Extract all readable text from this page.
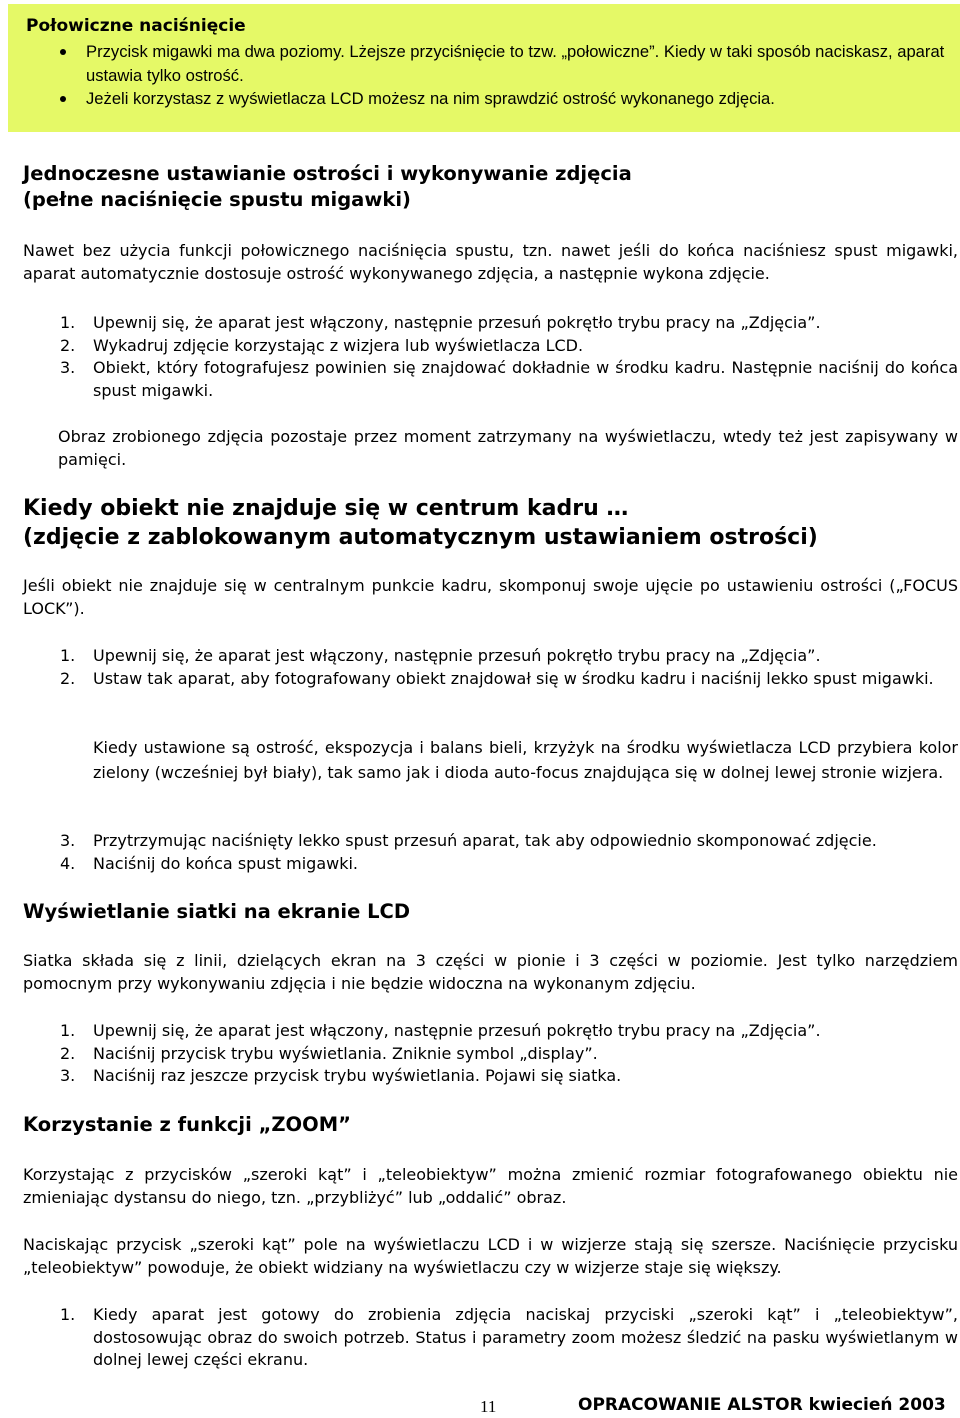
Połowiczne naciśnięcie
Przycisk migawki ma dwa poziomy. Lżejsze przyciśnięcie to tzw. „połowiczne”. Kiedy w taki sposób naciskasz, aparat ustawia tylko ostrość.
Jeżeli korzystasz z wyświetlacza LCD możesz na nim sprawdzić ostrość wykonanego zdjęcia.
Jednoczesne ustawianie ostrości i wykonywanie zdjęcia
(pełne naciśnięcie spustu migawki)

Nawet bez użycia funkcji połowicznego naciśnięcia spustu, tzn. nawet jeśli do końca naciśniesz spust migawki, aparat automatycznie dostosuje ostrość wykonywanego zdjęcia, a następnie wykona zdjęcie.

1. Upewnij się, że aparat jest włączony, następnie przesuń pokrętło trybu pracy na „Zdjęcia”.
2. Wykadruj zdjęcie korzystając z wizjera lub wyświetlacza LCD.
3. Obiekt, który fotografujesz powinien się znajdować dokładnie w środku kadru. Następnie naciśnij do końca spust migawki.

Obraz zrobionego zdjęcia pozostaje przez moment zatrzymany na wyświetlaczu, wtedy też jest zapisywany w pamięci.

Kiedy obiekt nie znajduje się w centrum kadru …
(zdjęcie z zablokowanym automatycznym ustawianiem ostrości)

Jeśli obiekt nie znajduje się w centralnym punkcie kadru, skomponuj swoje ujęcie po ustawieniu ostrości („FOCUS LOCK”).

1. Upewnij się, że aparat jest włączony, następnie przesuń pokrętło trybu pracy na „Zdjęcia”.
2. Ustaw tak aparat, aby fotografowany obiekt znajdował się w środku kadru i naciśnij lekko spust migawki.

Kiedy ustawione są ostrość, ekspozycja i balans bieli, krzyżyk na środku wyświetlacza LCD przybiera kolor zielony (wcześniej był biały), tak samo jak i dioda auto-focus znajdująca się w dolnej lewej stronie wizjera.

3. Przytrzymując naciśnięty lekko spust przesuń aparat, tak aby odpowiednio skomponować zdjęcie.
4. Naciśnij do końca spust migawki.
Wyświetlanie siatki na ekranie LCD

Siatka składa się z linii, dzielących ekran na 3 części w pionie i 3 części w poziomie. Jest tylko narzędziem pomocnym przy wykonywaniu zdjęcia i nie będzie widoczna na wykonanym zdjęciu.

1. Upewnij się, że aparat jest włączony, następnie przesuń pokrętło trybu pracy na „Zdjęcia”.
2. Naciśnij przycisk trybu wyświetlania. Zniknie symbol „display”.
3. Naciśnij raz jeszcze przycisk trybu wyświetlania. Pojawi się siatka.
Korzystanie z funkcji „ZOOM”

Korzystając z przycisków „szeroki kąt” i „teleobiektyw” można zmienić rozmiar fotografowanego obiektu nie zmieniając dystansu do niego, tzn. „przybliżyć” lub „oddalić” obraz.

Naciskając przycisk „szeroki kąt” pole na wyświetlaczu LCD i w wizjerze stają się szersze. Naciśnięcie przycisku „teleobiektyw” powoduje, że obiekt widziany na wyświetlaczu czy w wizjerze staje się większy.

1. Kiedy aparat jest gotowy do zrobienia zdjęcia naciskaj przyciski „szeroki kąt” i „teleobiektyw”, dostosowując obraz do swoich potrzeb. Status i parametry zoom możesz śledzić na pasku wyświetlanym w dolnej lewej części ekranu.
11	OPRACOWANIE ALSTOR kwiecień 2003
